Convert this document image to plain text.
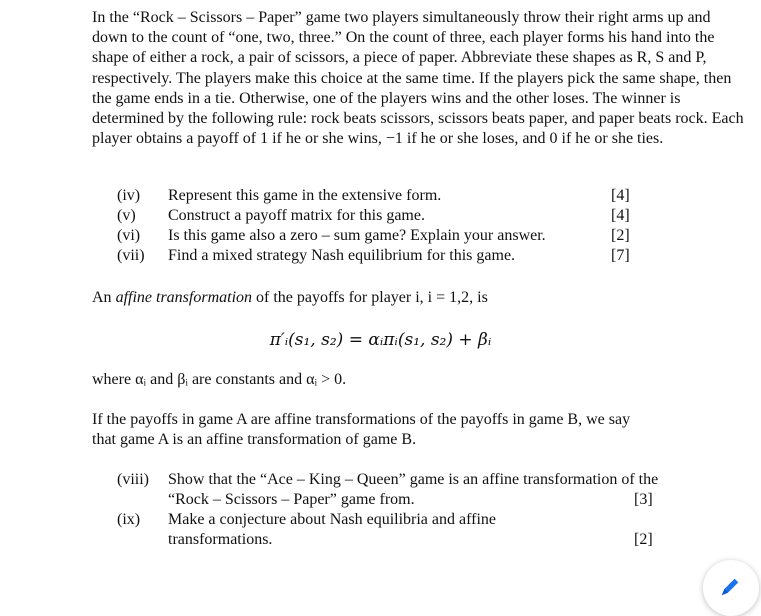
In the “Rock – Scissors – Paper” game two players simultaneously throw their right arms up and down to the count of “one, two, three.” On the count of three, each player forms his hand into the shape of either a rock, a pair of scissors, a piece of paper. Abbreviate these shapes as R, S and P, respectively. The players make this choice at the same time. If the players pick the same shape, then the game ends in a tie. Otherwise, one of the players wins and the other loses. The winner is determined by the following rule: rock beats scissors, scissors beats paper, and paper beats rock. Each player obtains a payoff of 1 if he or she wins, −1 if he or she loses, and 0 if he or she ties.

(iv) Represent this game in the extensive form.	[4]
(v) Construct a payoff matrix for this game.	[4]
(vi) Is this game also a zero – sum game? Explain your answer.	[2]
(vii) Find a mixed strategy Nash equilibrium for this game.	[7]

An affine transformation of the payoffs for player i, i = 1,2, is

π′ᵢ(s₁, s₂) = αᵢπᵢ(s₁, s₂) + βᵢ

where αᵢ and βᵢ are constants and αᵢ > 0.

If the payoffs in game A are affine transformations of the payoffs in game B, we say that game A is an affine transformation of game B.

(viii) Show that the “Ace – King – Queen” game is an affine transformation of the
“Rock – Scissors – Paper” game from.	[3]
(ix) Make a conjecture about Nash equilibria and affine
transformations.	[2]
